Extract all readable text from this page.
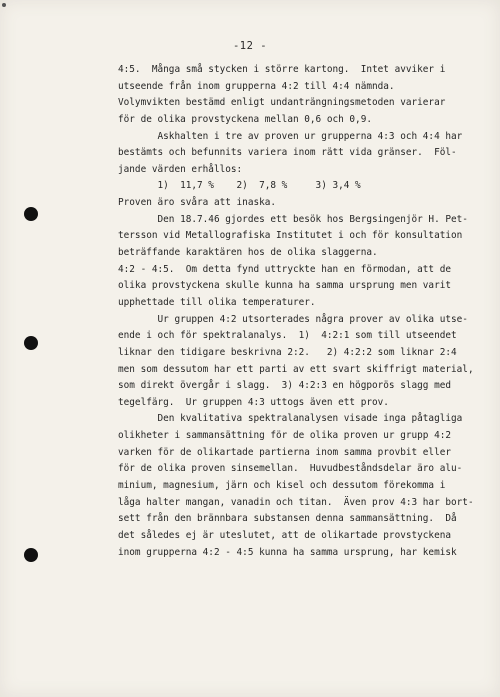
-12 -
4:5.  Många små stycken i större kartong.  Intet avviker i
utseende från inom grupperna 4:2 till 4:4 nämnda.
Volymvikten bestämd enligt undanträngningsmetoden varierar
för de olika provstyckena mellan 0,6 och 0,9.
Askhalten i tre av proven ur grupperna 4:3 och 4:4 har
bestämts och befunnits variera inom rätt vida gränser.  Föl-
jande värden erhållos:
1)  11,7 %    2)  7,8 %     3) 3,4 %
Proven äro svåra att inaska.
Den 18.7.46 gjordes ett besök hos Bergsingenjör H. Pet-
tersson vid Metallografiska Institutet i och för konsultation
beträffande karaktären hos de olika slaggerna.
4:2 - 4:5.  Om detta fynd uttryckte han en förmodan, att de
olika provstyckena skulle kunna ha samma ursprung men varit
upphettade till olika temperaturer.
Ur gruppen 4:2 utsorterades några prover av olika utse-
ende i och för spektralanalys.  1)  4:2:1 som till utseendet
liknar den tidigare beskrivna 2:2.   2) 4:2:2 som liknar 2:4
men som dessutom har ett parti av ett svart skiffrigt material,
som direkt övergår i slagg.  3) 4:2:3 en högporös slagg med
tegelfärg.  Ur gruppen 4:3 uttogs även ett prov.
Den kvalitativa spektralanalysen visade inga påtagliga
olikheter i sammansättning för de olika proven ur grupp 4:2
varken för de olikartade partierna inom samma provbit eller
för de olika proven sinsemellan.  Huvudbeståndsdelar äro alu-
minium, magnesium, järn och kisel och dessutom förekomma i
låga halter mangan, vanadin och titan.  Även prov 4:3 har bort-
sett från den brännbara substansen denna sammansättning.  Då
det således ej är uteslutet, att de olikartade provstyckena
inom grupperna 4:2 - 4:5 kunna ha samma ursprung, har kemisk
